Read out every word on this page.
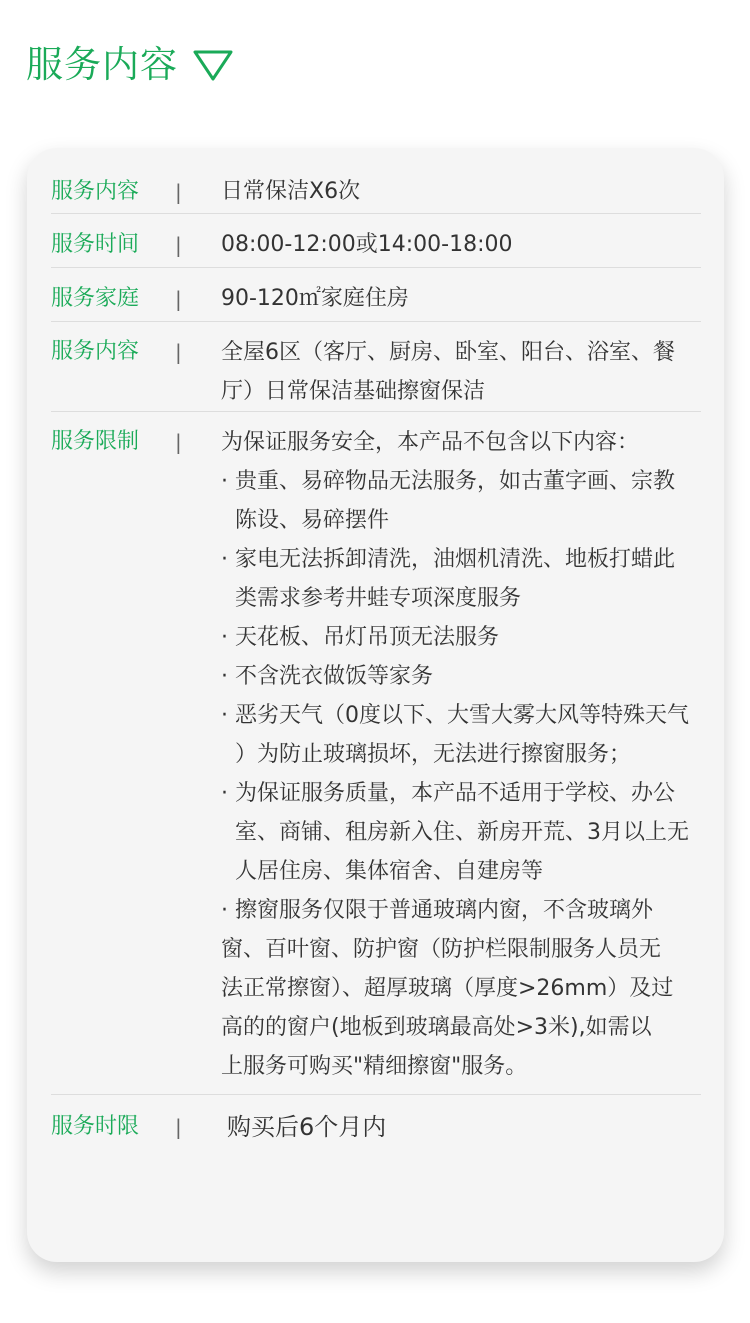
服务内容
服务内容 | 日常保洁X6次
服务时间 | 08:00-12:00或14:00-18:00
服务家庭 | 90-120㎡家庭住房
服务内容 | 全屋6区（客厅、厨房、卧室、阳台、浴室、餐
厅）日常保洁基础擦窗保洁
服务限制 | 为保证服务安全，本产品不包含以下内容：
· 贵重、易碎物品无法服务，如古董字画、宗教
陈设、易碎摆件
· 家电无法拆卸清洗，油烟机清洗、地板打蜡此
类需求参考井蛙专项深度服务
· 天花板、吊灯吊顶无法服务
· 不含洗衣做饭等家务
· 恶劣天气（0度以下、大雪大雾大风等特殊天气
）为防止玻璃损坏，无法进行擦窗服务；
· 为保证服务质量，本产品不适用于学校、办公
室、商铺、租房新入住、新房开荒、3月以上无
人居住房、集体宿舍、自建房等
· 擦窗服务仅限于普通玻璃内窗，不含玻璃外
窗、百叶窗、防护窗（防护栏限制服务人员无
法正常擦窗）、超厚玻璃（厚度>26mm）及过
高的的窗户(地板到玻璃最高处>3米),如需以
上服务可购买"精细擦窗"服务。
服务时限 | 购买后6个月内
